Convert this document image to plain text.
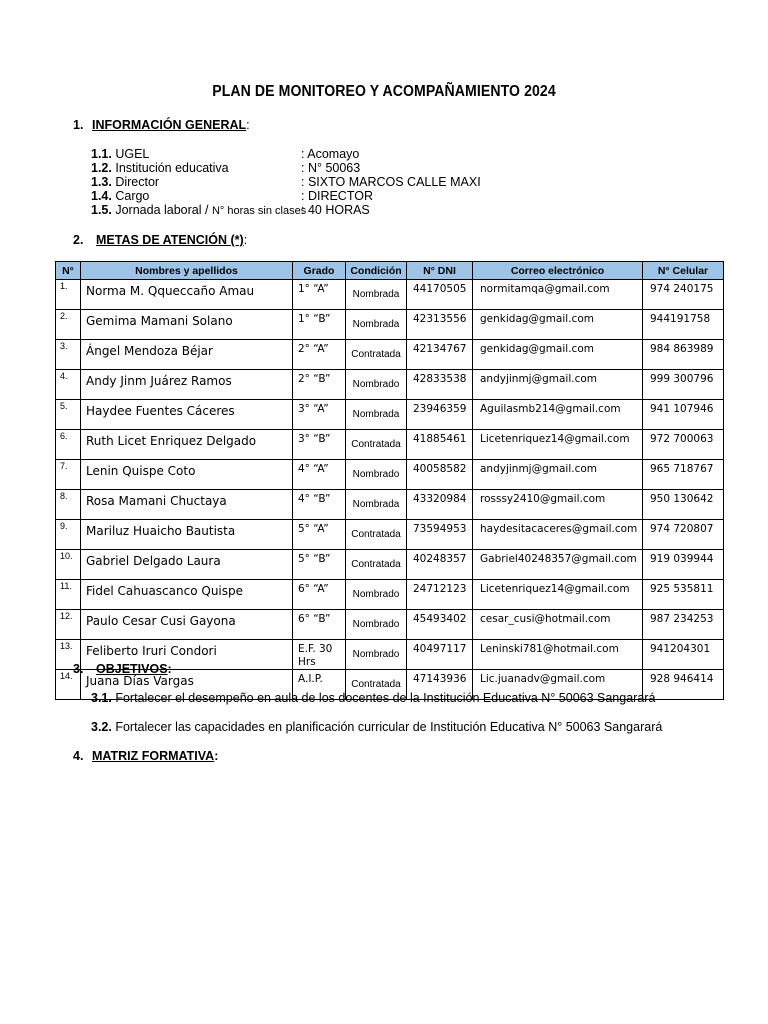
PLAN DE MONITOREO Y ACOMPAÑAMIENTO 2024
1. INFORMACIÓN GENERAL:
1.1. UGEL	: Acomayo
1.2. Institución educativa	: N° 50063
1.3. Director	: SIXTO MARCOS CALLE MAXI
1.4. Cargo	: DIRECTOR
1.5. Jornada laboral / N° horas sin clases
: 40 HORAS
2. METAS DE ATENCIÓN (*):
N°	Nombres y apellidos	Grado	Condición	N° DNI	Correo electrónico	N° Celular
1.	Norma M. Qqueccaño Amau	1° “A”	Nombrada	44170505	normitamqa@gmail.com	974 240175
2.	Gemima Mamani Solano	1° “B”	Nombrada	42313556	genkidag@gmail.com	944191758
3.	Ángel Mendoza Béjar	2° “A”	Contratada	42134767	genkidag@gmail.com	984 863989
4.	Andy Jinm Juárez Ramos	2° “B”	Nombrado	42833538	andyjinmj@gmail.com	999 300796
5.	Haydee Fuentes Cáceres	3° “A”	Nombrada	23946359	Aguilasmb214@gmail.com	941 107946
6.	Ruth Licet Enriquez Delgado	3° “B”	Contratada	41885461	Licetenriquez14@gmail.com	972 700063
7.	Lenin Quispe Coto	4° “A”	Nombrado	40058582	andyjinmj@gmail.com	965 718767
8.	Rosa Mamani Chuctaya	4° “B”	Nombrada	43320984	rosssy2410@gmail.com	950 130642
9.	Mariluz Huaicho Bautista	5° “A”	Contratada	73594953	haydesitacaceres@gmail.com	974 720807
10.	Gabriel Delgado Laura	5° “B”	Contratada	40248357	Gabriel40248357@gmail.com	919 039944
11.	Fidel Cahuascanco Quispe	6° “A”	Nombrado	24712123	Licetenriquez14@gmail.com	925 535811
12.	Paulo Cesar Cusi Gayona	6° “B”	Nombrado	45493402	cesar_cusi@hotmail.com	987 234253
13.	Feliberto Iruri Condori	E.F. 30 Hrs	Nombrado	40497117	Leninski781@hotmail.com	941204301
14.	Juana Días Vargas	A.I.P.	Contratada	47143936	Lic.juanadv@gmail.com	928 946414
3. OBJETIVOS:
3.1. Fortalecer el desempeño en aula de los docentes de la Institución Educativa N° 50063 Sangarará
3.2. Fortalecer las capacidades en planificación curricular de Institución Educativa N° 50063 Sangarará
4. MATRIZ FORMATIVA:
